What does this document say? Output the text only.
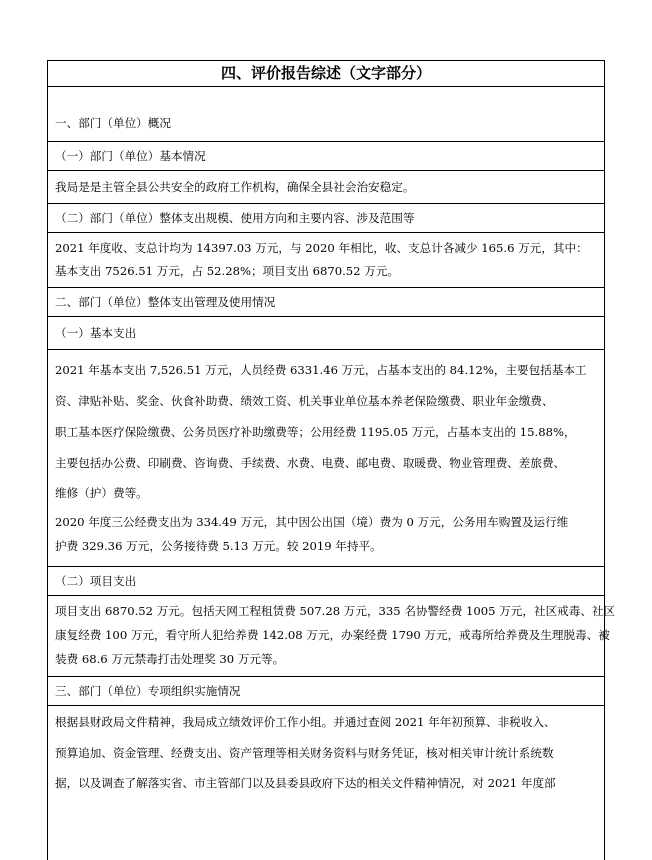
四、评价报告综述（文字部分）
一、部门（单位）概况
（一）部门（单位）基本情况
我局是是主管全县公共安全的政府工作机构，确保全县社会治安稳定。
（二）部门（单位）整体支出规模、使用方向和主要内容、涉及范围等
2021 年度收、支总计均为 14397.03 万元，与 2020 年相比，收、支总计各减少 165.6 万元，其中：
基本支出 7526.51 万元，占 52.28%；项目支出 6870.52 万元。
二、部门（单位）整体支出管理及使用情况
（一）基本支出
2021 年基本支出 7,526.51 万元，人员经费 6331.46 万元，占基本支出的 84.12%，主要包括基本工
资、津贴补贴、奖金、伙食补助费、绩效工资、机关事业单位基本养老保险缴费、职业年金缴费、
职工基本医疗保险缴费、公务员医疗补助缴费等；公用经费 1195.05 万元，占基本支出的 15.88%，
主要包括办公费、印刷费、咨询费、手续费、水费、电费、邮电费、取暖费、物业管理费、差旅费、
维修（护）费等。
2020 年度三公经费支出为 334.49 万元，其中因公出国（境）费为 0 万元，公务用车购置及运行维
护费 329.36 万元，公务接待费 5.13 万元。较 2019 年持平。
（二）项目支出
项目支出 6870.52 万元。包括天网工程租赁费 507.28 万元，335 名协警经费 1005 万元，社区戒毒、社区
康复经费 100 万元，看守所人犯给养费 142.08 万元，办案经费 1790 万元，戒毒所给养费及生理脱毒、被
装费 68.6 万元禁毒打击处理奖 30 万元等。
三、部门（单位）专项组织实施情况
根据县财政局文件精神，我局成立绩效评价工作小组。并通过查阅 2021 年年初预算、非税收入、
预算追加、资金管理、经费支出、资产管理等相关财务资料与财务凭证，核对相关审计统计系统数
据，以及调查了解落实省、市主管部门以及县委县政府下达的相关文件精神情况，对 2021 年度部
